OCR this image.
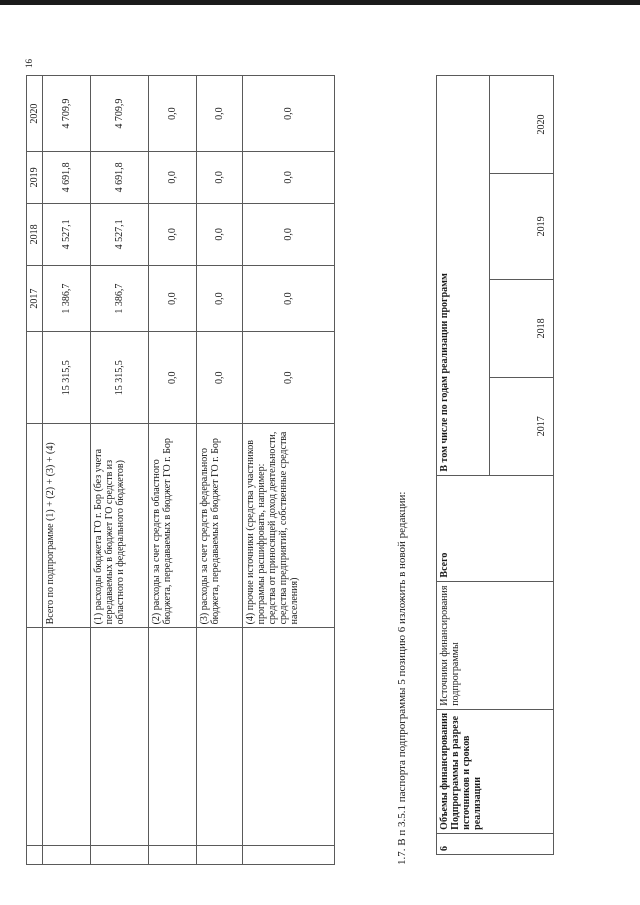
16
				2017	2018	2019	2020
		Всего по подпрограмме (1) + (2) + (3) + (4)	15 315,5	1 386,7	4 527,1	4 691,8	4 709,9
		(1) расходы бюджета ГО г. Бор (без учета передаваемых в бюджет ГО средств из областного и федерального бюджетов)	15 315,5	1 386,7	4 527,1	4 691,8	4 709,9
		(2) расходы за счет средств областного бюджета, передаваемых в бюджет ГО г. Бор	0,0	0,0	0,0	0,0	0,0
		(3) расходы за счет средств федерального бюджета, передаваемых в бюджет ГО г. Бор	0,0	0,0	0,0	0,0	0,0
		(4) прочие источники (средства участников программы расшифровать, например: средства от приносящей доход деятельности, средства предприятий, собственные средства населения)	0,0	0,0	0,0	0,0	0,0
1.7. В п 3.5.1 паспорта подпрограммы 5 позицию 6 изложить в новой редакции:	6	Объемы финансирования Подпрограммы в разрезе источников и сроков реализации	Источники финансирования подпрограммы	Всего	В том числе по годам реализации программ			
				2017	2018	2019	2020
